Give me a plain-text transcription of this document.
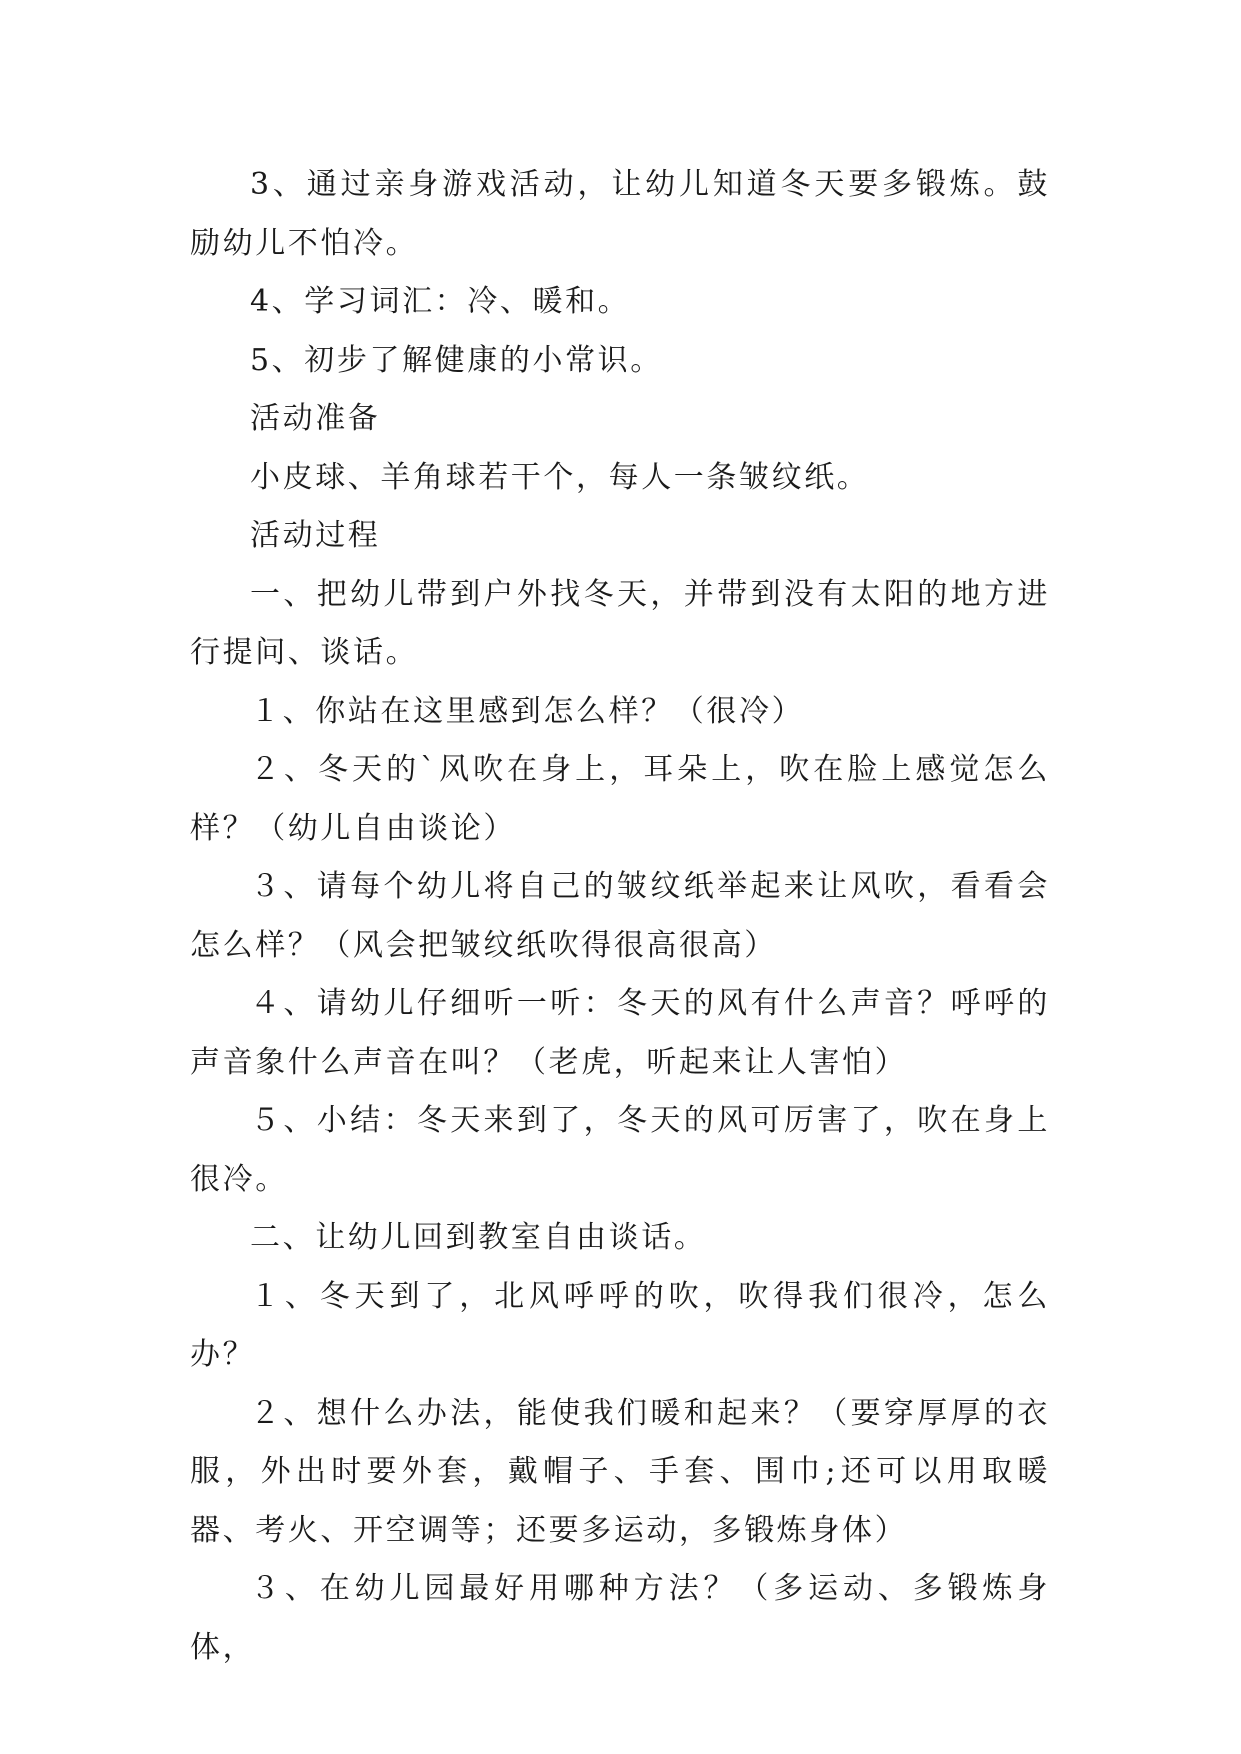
3、通过亲身游戏活动，让幼儿知道冬天要多锻炼。鼓励幼儿不怕冷。

4、学习词汇：冷、暖和。

5、初步了解健康的小常识。

活动准备

小皮球、羊角球若干个，每人一条皱纹纸。

活动过程

一、把幼儿带到户外找冬天，并带到没有太阳的地方进行提问、谈话。

１、你站在这里感到怎么样？（很冷）

２、冬天的`风吹在身上，耳朵上，吹在脸上感觉怎么样？（幼儿自由谈论）

３、请每个幼儿将自己的皱纹纸举起来让风吹，看看会怎么样？（风会把皱纹纸吹得很高很高）

４、请幼儿仔细听一听：冬天的风有什么声音？呼呼的声音象什么声音在叫？（老虎，听起来让人害怕）

５、小结：冬天来到了，冬天的风可厉害了，吹在身上很冷。

二、让幼儿回到教室自由谈话。

１、冬天到了，北风呼呼的吹，吹得我们很冷，怎么办？

２、想什么办法，能使我们暖和起来？（要穿厚厚的衣服，外出时要外套，戴帽子、手套、围巾;还可以用取暖器、考火、开空调等；还要多运动，多锻炼身体）

３、在幼儿园最好用哪种方法？（多运动、多锻炼身体，
